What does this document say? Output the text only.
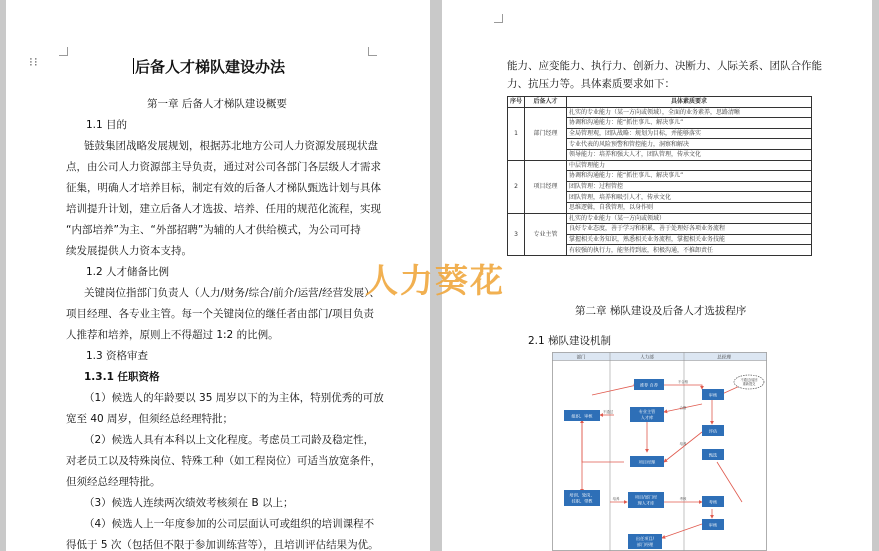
⁝⁝	后备人才梯队建设办法
第一章 后备人才梯队建设概要
1.1 目的
链鼓集团战略发展规划，根据苏北地方公司人力资源发展现状盘
点，由公司人力资源部主导负责，通过对公司各部门各层级人才需求
征集，明确人才培养目标，制定有效的后备人才梯队甄选计划与具体
培训提升计划，建立后备人才选拔、培养、任用的规范化流程，实现
“内部培养”为主、“外部招聘”为辅的人才供给模式，为公司可持
续发展提供人力资本支持。
1.2 人才储备比例
关键岗位指部门负责人（人力/财务/综合/前介/运营/经营发展）、
项目经理、各专业主管。每一个关键岗位的继任者由部门/项目负责
人推荐和培养，原则上不得超过 1:2 的比例。
1.3 资格审查
1.3.1 任职资格
（1）候选人的年龄要以 35 周岁以下的为主体，特别优秀的可放
宽至 40 周岁，但须经总经理特批；
（2）候选人具有本科以上文化程度。考虑员工司龄及稳定性，
对老员工以及特殊岗位、特殊工种（如工程岗位）可适当放宽条件，
但须经总经理特批。
（3）候选人连续两次绩效考核须在 B 以上；
（4）候选人上一年度参加的公司层面认可或组织的培训课程不
得低于 5 次（包括但不限于参加训练营等），且培训评估结果为优。
能力、应变能力、执行力、创新力、决断力、人际关系、团队合作能
力、抗压力等。具体素质要求如下：
序号	后备人才	具体素质要求
1	部门经理	扎实的专业能力（某一方向或领域），全面的业务素养，思路清晰
		协调和沟通能力：能“抓住事儿、解决事儿”
		全局管理观，团队战略：规划为目标，并能够落实
		专业代表的风险预警和管控能力，洞察和解决
		领导能力：培养和强大人才，团队管理，传承文化
2	项目经理	中层管理能力
		协调和沟通能力：能“抓住事儿、解决事儿”
		团队管理：过程管控
		团队管理，培养和吸引人才，传承文化
		思维逻辑，自我管理，以身作则
3	专业主管	扎实的专业能力（某一方向或领域）
		良好专业态度，善于学习和积累，善于处理好各项业务流程
		掌握相关业务知识，熟悉相关业务流程，掌握相关业务技能
		有较强的执行力，能坚持到底，积极沟通，不推卸责任
第二章 梯队建设及后备人才选拔程序
2.1 梯队建设机制
部门	人力部	总经理
推荐 自荐
审核
专业主管
人才库
组织、审核
评估
甄选
项目经理
培训、轮岗、
挂职、带教
项目/部门经
理人才库	考核
审核
出任项目/
部门经理
不通过/返回
重新提交
不合格
合格
不通过
培养
考核
培养
人力葵花
